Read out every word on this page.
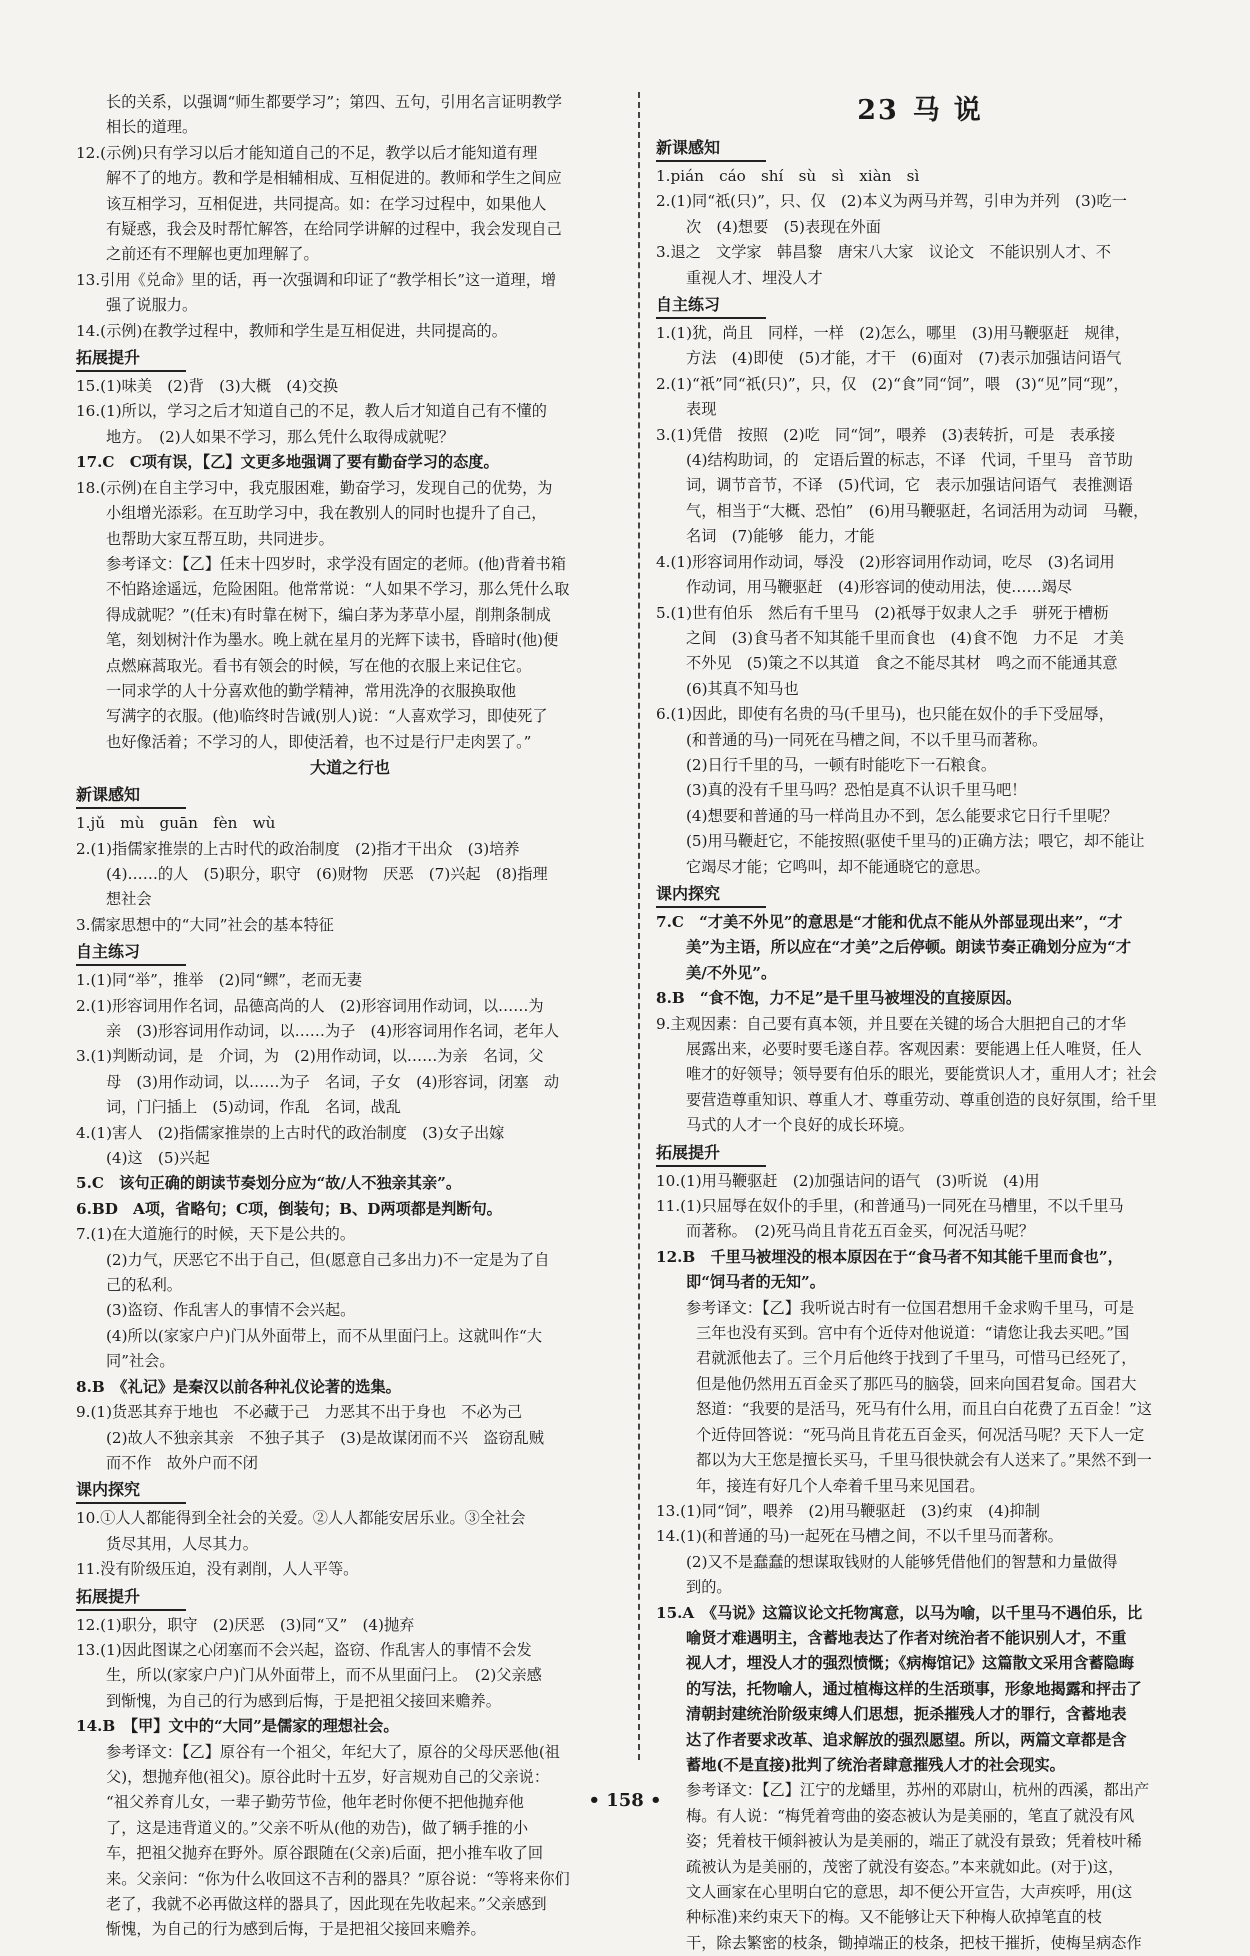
长的关系，以强调“师生都要学习”；第四、五句，引用名言证明教学
相长的道理。
12.(示例)只有学习以后才能知道自己的不足，教学以后才能知道有理
解不了的地方。教和学是相辅相成、互相促进的。教师和学生之间应
该互相学习，互相促进，共同提高。如：在学习过程中，如果他人
有疑惑，我会及时帮忙解答，在给同学讲解的过程中，我会发现自己
之前还有不理解也更加理解了。
13.引用《兑命》里的话，再一次强调和印证了“教学相长”这一道理，增
强了说服力。
14.(示例)在教学过程中，教师和学生是互相促进，共同提高的。
拓展提升
15.(1)味美　(2)背　(3)大概　(4)交换
16.(1)所以，学习之后才知道自己的不足，教人后才知道自己有不懂的
地方。　(2)人如果不学习，那么凭什么取得成就呢？
17.C　C项有误，【乙】文更多地强调了要有勤奋学习的态度。
18.(示例)在自主学习中，我克服困难，勤奋学习，发现自己的优势，为
小组增光添彩。在互助学习中，我在教别人的同时也提升了自己，
也帮助大家互帮互助，共同进步。
参考译文：【乙】任末十四岁时，求学没有固定的老师。(他)背着书箱
不怕路途遥远，危险困阻。他常常说：“人如果不学习，那么凭什么取
得成就呢？”(任末)有时靠在树下，编白茅为茅草小屋，削荆条制成
笔，刻划树汁作为墨水。晚上就在星月的光辉下读书，昏暗时(他)便
点燃麻蒿取光。看书有领会的时候，写在他的衣服上来记住它。
一同求学的人十分喜欢他的勤学精神，常用洗净的衣服换取他
写满字的衣服。(他)临终时告诫(别人)说：“人喜欢学习，即使死了
也好像活着；不学习的人，即使活着，也不过是行尸走肉罢了。”
大道之行也
新课感知
1.jǔ　mù　guān　fèn　wù
2.(1)指儒家推崇的上古时代的政治制度　(2)指才干出众　(3)培养
(4)……的人　(5)职分，职守　(6)财物　厌恶　(7)兴起　(8)指理
想社会
3.儒家思想中的“大同”社会的基本特征
自主练习
1.(1)同“举”，推举　(2)同“鳏”，老而无妻
2.(1)形容词用作名词，品德高尚的人　(2)形容词用作动词，以……为
亲　(3)形容词用作动词，以……为子　(4)形容词用作名词，老年人
3.(1)判断动词，是　介词，为　(2)用作动词，以……为亲　名词，父
母　(3)用作动词，以……为子　名词，子女　(4)形容词，闭塞　动
词，门闩插上　(5)动词，作乱　名词，战乱
4.(1)害人　(2)指儒家推崇的上古时代的政治制度　(3)女子出嫁
(4)这　(5)兴起
5.C　该句正确的朗读节奏划分应为“故/人不独亲其亲”。
6.BD　A项，省略句；C项，倒装句；B、D两项都是判断句。
7.(1)在大道施行的时候，天下是公共的。
(2)力气，厌恶它不出于自己，但(愿意自己多出力)不一定是为了自
己的私利。
(3)盗窃、作乱害人的事情不会兴起。
(4)所以(家家户户)门从外面带上，而不从里面闩上。这就叫作“大
同”社会。
8.B　《礼记》是秦汉以前各种礼仪论著的选集。
9.(1)货恶其弃于地也　不必藏于己　力恶其不出于身也　不必为己
(2)故人不独亲其亲　不独子其子　(3)是故谋闭而不兴　盗窃乱贼
而不作　故外户而不闭
课内探究
10.①人人都能得到全社会的关爱。②人人都能安居乐业。③全社会
货尽其用，人尽其力。
11.没有阶级压迫，没有剥削，人人平等。
拓展提升
12.(1)职分，职守　(2)厌恶　(3)同“又”　(4)抛弃
13.(1)因此图谋之心闭塞而不会兴起，盗窃、作乱害人的事情不会发
生，所以(家家户户)门从外面带上，而不从里面闩上。　(2)父亲感
到惭愧，为自己的行为感到后悔，于是把祖父接回来赡养。
14.B　【甲】文中的“大同”是儒家的理想社会。
参考译文：【乙】原谷有一个祖父，年纪大了，原谷的父母厌恶他(祖
父)，想抛弃他(祖父)。原谷此时十五岁，好言规劝自己的父亲说：
“祖父养育儿女，一辈子勤劳节俭，他年老时你便不把他抛弃他
了，这是违背道义的。”父亲不听从(他的劝告)，做了辆手推的小
车，把祖父抛弃在野外。原谷跟随在(父亲)后面，把小推车收了回
来。父亲问：“你为什么收回这不吉利的器具？”原谷说：“等将来你们
老了，我就不必再做这样的器具了，因此现在先收起来。”父亲感到
惭愧，为自己的行为感到后悔，于是把祖父接回来赡养。
23 马说
新课感知
1.pián　cáo　shí　sù　sì　xiàn　sì
2.(1)同“祇(只)”，只、仅　(2)本义为两马并驾，引申为并列　(3)吃一
次　(4)想要　(5)表现在外面
3.退之　文学家　韩昌黎　唐宋八大家　议论文　不能识别人才、不
重视人才、埋没人才
自主练习
1.(1)犹，尚且　同样，一样　(2)怎么，哪里　(3)用马鞭驱赶　规律，
方法　(4)即使　(5)才能，才干　(6)面对　(7)表示加强诘问语气
2.(1)“祇”同“祇(只)”，只，仅　(2)“食”同“饲”，喂　(3)“见”同“现”，
表现
3.(1)凭借　按照　(2)吃　同“饲”，喂养　(3)表转折，可是　表承接
(4)结构助词，的　定语后置的标志，不译　代词，千里马　音节助
词，调节音节，不译　(5)代词，它　表示加强诘问语气　表推测语
气，相当于“大概、恐怕”　(6)用马鞭驱赶，名词活用为动词　马鞭，
名词　(7)能够　能力，才能
4.(1)形容词用作动词，辱没　(2)形容词用作动词，吃尽　(3)名词用
作动词，用马鞭驱赶　(4)形容词的使动用法，使……竭尽
5.(1)世有伯乐　然后有千里马　(2)祇辱于奴隶人之手　骈死于槽枥
之间　(3)食马者不知其能千里而食也　(4)食不饱　力不足　才美
不外见　(5)策之不以其道　食之不能尽其材　鸣之而不能通其意
(6)其真不知马也
6.(1)因此，即使有名贵的马(千里马)，也只能在奴仆的手下受屈辱，
(和普通的马)一同死在马槽之间，不以千里马而著称。
(2)日行千里的马，一顿有时能吃下一石粮食。
(3)真的没有千里马吗？恐怕是真不认识千里马吧！
(4)想要和普通的马一样尚且办不到，怎么能要求它日行千里呢？
(5)用马鞭赶它，不能按照(驱使千里马的)正确方法；喂它，却不能让
它竭尽才能；它鸣叫，却不能通晓它的意思。
课内探究
7.C　“才美不外见”的意思是“才能和优点不能从外部显现出来”，“才
美”为主语，所以应在“才美”之后停顿。朗读节奏正确划分应为“才
美/不外见”。
8.B　“食不饱，力不足”是千里马被埋没的直接原因。
9.主观因素：自己要有真本领，并且要在关键的场合大胆把自己的才华
展露出来，必要时要毛遂自荐。客观因素：要能遇上任人唯贤，任人
唯才的好领导；领导要有伯乐的眼光，要能赏识人才，重用人才；社会
要营造尊重知识、尊重人才、尊重劳动、尊重创造的良好氛围，给千里
马式的人才一个良好的成长环境。
拓展提升
10.(1)用马鞭驱赶　(2)加强诘问的语气　(3)听说　(4)用
11.(1)只屈辱在奴仆的手里，(和普通马)一同死在马槽里，不以千里马
而著称。　(2)死马尚且肯花五百金买，何况活马呢？
12.B　千里马被埋没的根本原因在于“食马者不知其能千里而食也”，
即“饲马者的无知”。
参考译文：【乙】我听说古时有一位国君想用千金求购千里马，可是
三年也没有买到。宫中有个近侍对他说道：“请您让我去买吧。”国
君就派他去了。三个月后他终于找到了千里马，可惜马已经死了，
但是他仍然用五百金买了那匹马的脑袋，回来向国君复命。国君大
怒道：“我要的是活马，死马有什么用，而且白白花费了五百金！”这
个近侍回答说：“死马尚且肯花五百金买，何况活马呢？天下人一定
都以为大王您是擅长买马，千里马很快就会有人送来了。”果然不到一
年，接连有好几个人牵着千里马来见国君。
13.(1)同“饲”，喂养　(2)用马鞭驱赶　(3)约束　(4)抑制
14.(1)(和普通的马)一起死在马槽之间，不以千里马而著称。
(2)又不是蠢蠢的想谋取钱财的人能够凭借他们的智慧和力量做得
到的。
15.A　《马说》这篇议论文托物寓意，以马为喻，以千里马不遇伯乐，比
喻贤才难遇明主，含蓄地表达了作者对统治者不能识别人才，不重
视人才，埋没人才的强烈愤慨；《病梅馆记》这篇散文采用含蓄隐晦
的写法，托物喻人，通过植梅这样的生活琐事，形象地揭露和抨击了
清朝封建统治阶级束缚人们思想，扼杀摧残人才的罪行，含蓄地表
达了作者要求改革、追求解放的强烈愿望。所以，两篇文章都是含
蓄地(不是直接)批判了统治者肆意摧残人才的社会现实。
参考译文：【乙】江宁的龙蟠里，苏州的邓尉山，杭州的西溪，都出产
梅。有人说：“梅凭着弯曲的姿态被认为是美丽的，笔直了就没有风
姿；凭着枝干倾斜被认为是美丽的，端正了就没有景致；凭着枝叶稀
疏被认为是美丽的，茂密了就没有姿态。”本来就如此。(对于)这，
文人画家在心里明白它的意思，却不便公开宣告，大声疾呼，用(这
种标准)来约束天下的梅。又不能够让天下种梅人砍掉笔直的枝
干，除去繁密的枝条，锄掉端正的枝条，把枝干摧折，使梅呈病态作
• 158 •
